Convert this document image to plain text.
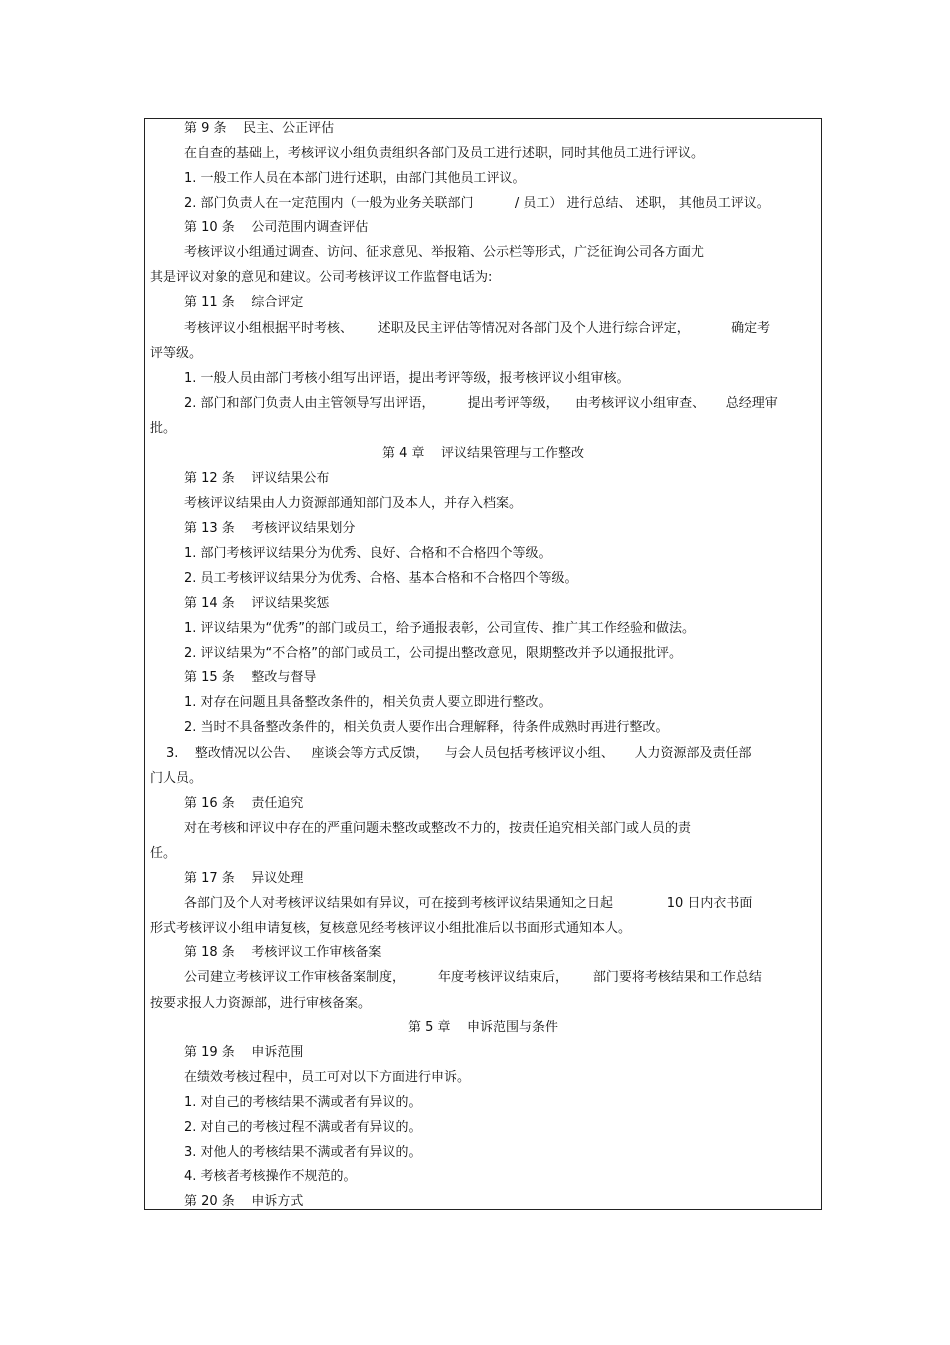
第 9 条    民主、公正评估
在自查的基础上，考核评议小组负责组织各部门及员工进行述职，同时其他员工进行评议。
1. 一般工作人员在本部门进行述职，由部门其他员工评议。
2. 部门负责人在一定范围内（一般为业务关联部门          / 员工） 进行总结、 述职， 其他员工评议。
第 10 条    公司范围内调查评估
考核评议小组通过调查、访问、征求意见、举报箱、公示栏等形式，广泛征询公司各方面尤
其是评议对象的意见和建议。公司考核评议工作监督电话为:
第 11 条    综合评定
考核评议小组根据平时考核、      述职及民主评估等情况对各部门及个人进行综合评定，          确定考
评等级。
1. 一般人员由部门考核小组写出评语，提出考评等级，报考核评议小组审核。
2. 部门和部门负责人由主管领导写出评语，        提出考评等级，    由考核评议小组审查、     总经理审
批。
第 4 章    评议结果管理与工作整改
第 12 条    评议结果公布
考核评议结果由人力资源部通知部门及本人，并存入档案。
第 13 条    考核评议结果划分
1. 部门考核评议结果分为优秀、良好、合格和不合格四个等级。
2. 员工考核评议结果分为优秀、合格、基本合格和不合格四个等级。
第 14 条    评议结果奖惩
1. 评议结果为“优秀”的部门或员工，给予通报表彰，公司宣传、推广其工作经验和做法。
2. 评议结果为“不合格”的部门或员工，公司提出整改意见，限期整改并予以通报批评。
第 15 条    整改与督导
1. 对存在问题且具备整改条件的，相关负责人要立即进行整改。
2. 当时不具备整改条件的，相关负责人要作出合理解释，待条件成熟时再进行整改。
3.    整改情况以公告、   座谈会等方式反馈，    与会人员包括考核评议小组、     人力资源部及责任部
门人员。
第 16 条    责任追究
对在考核和评议中存在的严重问题未整改或整改不力的，按责任追究相关部门或人员的责
任。
第 17 条    异议处理
各部门及个人对考核评议结果如有异议，可在接到考核评议结果通知之日起             10 日内衣书面
形式考核评议小组申请复核，复核意见经考核评议小组批准后以书面形式通知本人。
第 18 条    考核评议工作审核备案
公司建立考核评议工作审核备案制度，        年度考核评议结束后，      部门要将考核结果和工作总结
按要求报人力资源部，进行审核备案。
第 5 章    申诉范围与条件
第 19 条    申诉范围
在绩效考核过程中，员工可对以下方面进行申诉。
1. 对自己的考核结果不满或者有异议的。
2. 对自己的考核过程不满或者有异议的。
3. 对他人的考核结果不满或者有异议的。
4. 考核者考核操作不规范的。
第 20 条    申诉方式
